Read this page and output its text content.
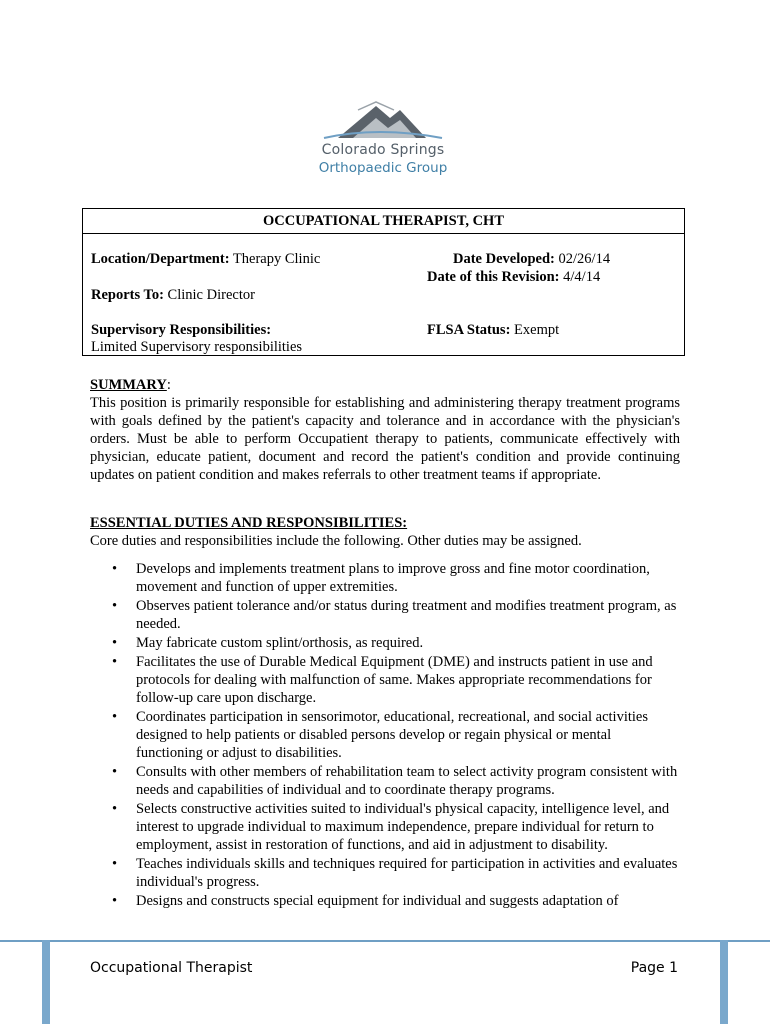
Colorado Springs
Orthopaedic Group
OCCUPATIONAL THERAPIST, CHT
Location/Department: Therapy Clinic
Reports To: Clinic Director
Supervisory Responsibilities:
Limited Supervisory responsibilities
Date Developed: 02/26/14
Date of this Revision: 4/4/14
FLSA Status: Exempt
SUMMARY:
This position is primarily responsible for establishing and administering therapy treatment programs with goals defined by the patient's capacity and tolerance and in accordance with the physician's orders. Must be able to perform Occupatient therapy to patients, communicate effectively with physician, educate patient, document and record the patient's condition and provide continuing updates on patient condition and makes referrals to other treatment teams if appropriate.
ESSENTIAL DUTIES AND RESPONSIBILITIES:
Core duties and responsibilities include the following. Other duties may be assigned.
• Develops and implements treatment plans to improve gross and fine motor coordination, movement and function of upper extremities.
• Observes patient tolerance and/or status during treatment and modifies treatment program, as needed.
• May fabricate custom splint/orthosis, as required.
• Facilitates the use of Durable Medical Equipment (DME) and instructs patient in use and protocols for dealing with malfunction of same. Makes appropriate recommendations for follow-up care upon discharge.
• Coordinates participation in sensorimotor, educational, recreational, and social activities designed to help patients or disabled persons develop or regain physical or mental functioning or adjust to disabilities.
• Consults with other members of rehabilitation team to select activity program consistent with needs and capabilities of individual and to coordinate therapy programs.
• Selects constructive activities suited to individual's physical capacity, intelligence level, and interest to upgrade individual to maximum independence, prepare individual for return to employment, assist in restoration of functions, and aid in adjustment to disability.
• Teaches individuals skills and techniques required for participation in activities and evaluates individual's progress.
• Designs and constructs special equipment for individual and suggests adaptation of
Occupational Therapist	Page 1
